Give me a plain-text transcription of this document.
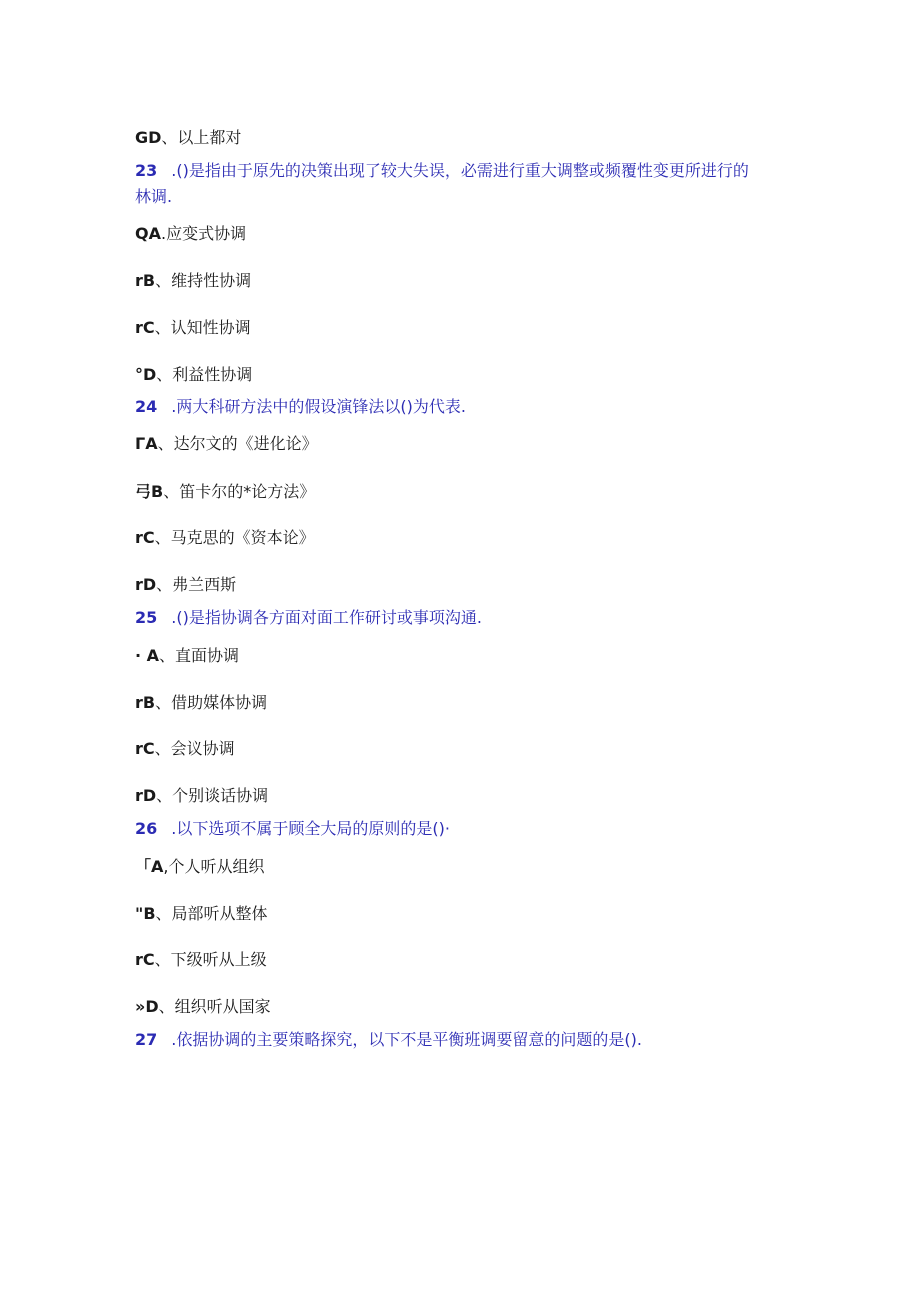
GD、以上都对
23 .()是指由于原先的决策出现了较大失误，必需进行重大调整或频覆性变更所进行的
林调.
QA.应变式协调
rB、维持性协调
rC、认知性协调
°D、利益性协调
24 .两大科研方法中的假设演锋法以()为代表.
ΓA、达尔文的《进化论》
弓B、笛卡尔的*论方法》
rC、马克思的《资本论》
rD、弗兰西斯
25 .()是指协调各方面对面工作研讨或事项沟通.
· A、直面协调
rB、借助媒体协调
rC、会议协调
rD、个别谈话协调
26 .以下选项不属于顾全大局的原则的是()·
「A,个人听从组织
"B、局部听从整体
rC、下级听从上级
»D、组织听从国家
27 .依据协调的主要策略探究，以下不是平衡班调要留意的问题的是().
